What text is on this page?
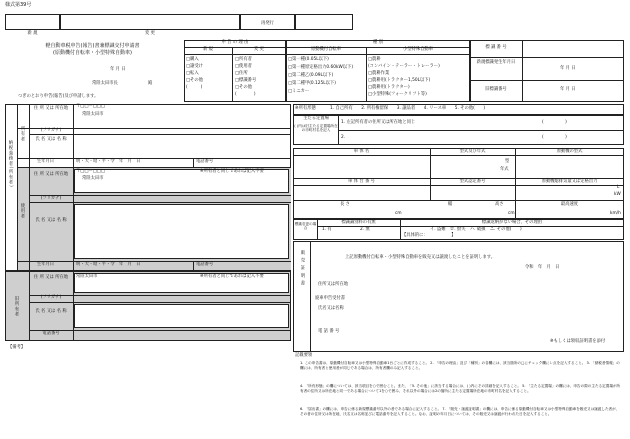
様式第39号
新 規	変 更
再発行
軽自動車税申告(報告)書兼標識交付申請書
(原動機付自転車・小型特殊自動車)
年 月 日
常陸太田市長	殿
つぎのとおり申告(報告)及び申請します。
申 告 の 理 由
新 規	変 更
□購入
□譲受け
□転入
□その他
(　　　)
□所有者
□使用者
□住所
□標識番号
□その他
(　　　　)
種 別
原動機付自転車	小型特殊自動車
□第一種(0.05L以下)
□第一種原定格出力0.60kW以下)
□第二種乙(0.09L以下)
□第二種甲(0.125L以下)
□ミニカー
□農耕
(コンバイン・テーラー・トレーラー)
□農耕作業
□農耕用(トラクター1,50L以下)
□農耕用(トラクター)
□小型特殊(フォークリフト等)
標 識 番 号
新規標識発生年月日
年 月 日
旧標識番号	年 月 日
納税義務者(所有者)
所有者
住 所 又は 所在地	〒□□－□□□
常陸太田市
(フリガナ)
氏 名 又は 名 称
生年月日	明・大・昭・平・令　年　月　日	電話番号
使用者
住 所 又は 所在地
〒□□－□□□
常陸太田市
※所有者と同じであれば記入不要
(フリガナ)
氏 名 又は 名 称
生年月日	明・大・昭・平・令　年　月　日	電話番号
旧所有者
住 所 又は 所在地	常陸太田市	※所有者と同じであれば記入不要
(フリガナ)
氏 名 又は 名 称
電話番号
※所有形態	1. 自己所有　　2. 所有権留保　　3. 譲品者　　4. リース車　　5. その他(　　)
主たる定置場
( )内は旧主たる定置場所在の市町村名を記入
1. 左記所有者の住所又は所在地と同じ
2.
(　　　　　)
(　　　　　)
車 体 名	型式及び年式
型
年式
原動機の型式
車 体 台 番 号	型式認定番号	原動機総排気量又は定格出力
L
kW
長 さ	幅	高さ
cm	cm
最高速度
km/h
標識変更の場合
標識識別料の有無	標識返納がない場合、その理由
1. 有	2. 無	イ. 盗難　ロ. 紛失　ハ. 破損　ニ. その他(　　)
【具体的に：　　　　　　】
販 売 証 明 書
廃車申告受付書
上記原動機付自転車・小型特殊自動車を販売又は譲渡したことを証明します。
令和　年　月　日
住所又は所在地
氏名又は名称
電 話 番 号
※もしくは領収証明書を添付
【備考】
記載要領
1. この申告書は、原動機付自転車又は小型特殊自動車1台ごとに作成すること。 2. 「申告の理由」及び「種別」の各欄には、該当箇所の□にチェック欄にレ点を記入すること。 3. 「納税者情報」の欄には、所有者と使用者が同じである場合は、所有者欄のみ記入すること。
4. 「所有形態」の欄については、該当項目を○で囲むこと。また、「5. その他」に該当する場合には、( )内にその詳細を記入すること。 5. 「主たる定置場」の欄には、申告の際の主たる定置場が所有者の住所又は所在地と同一である場合について1を○で囲み、それ以外の場合には2の箇所に主たる定置場所在地の市町村名を記入すること。
6. 「届出書」の欄には、申告に係る新規標識番号以外の者である場合に記入すること。 7. 「販売・譲渡証明書」の欄には、申告に係る原動機付自転車又は小型特殊自動車を販売又は譲渡した者が、その者の住所又は所在地、氏名又は名称並びに電話番号を記入すること。なお、証明の年月日については、その販売又は譲渡が行われた日を記入すること。
